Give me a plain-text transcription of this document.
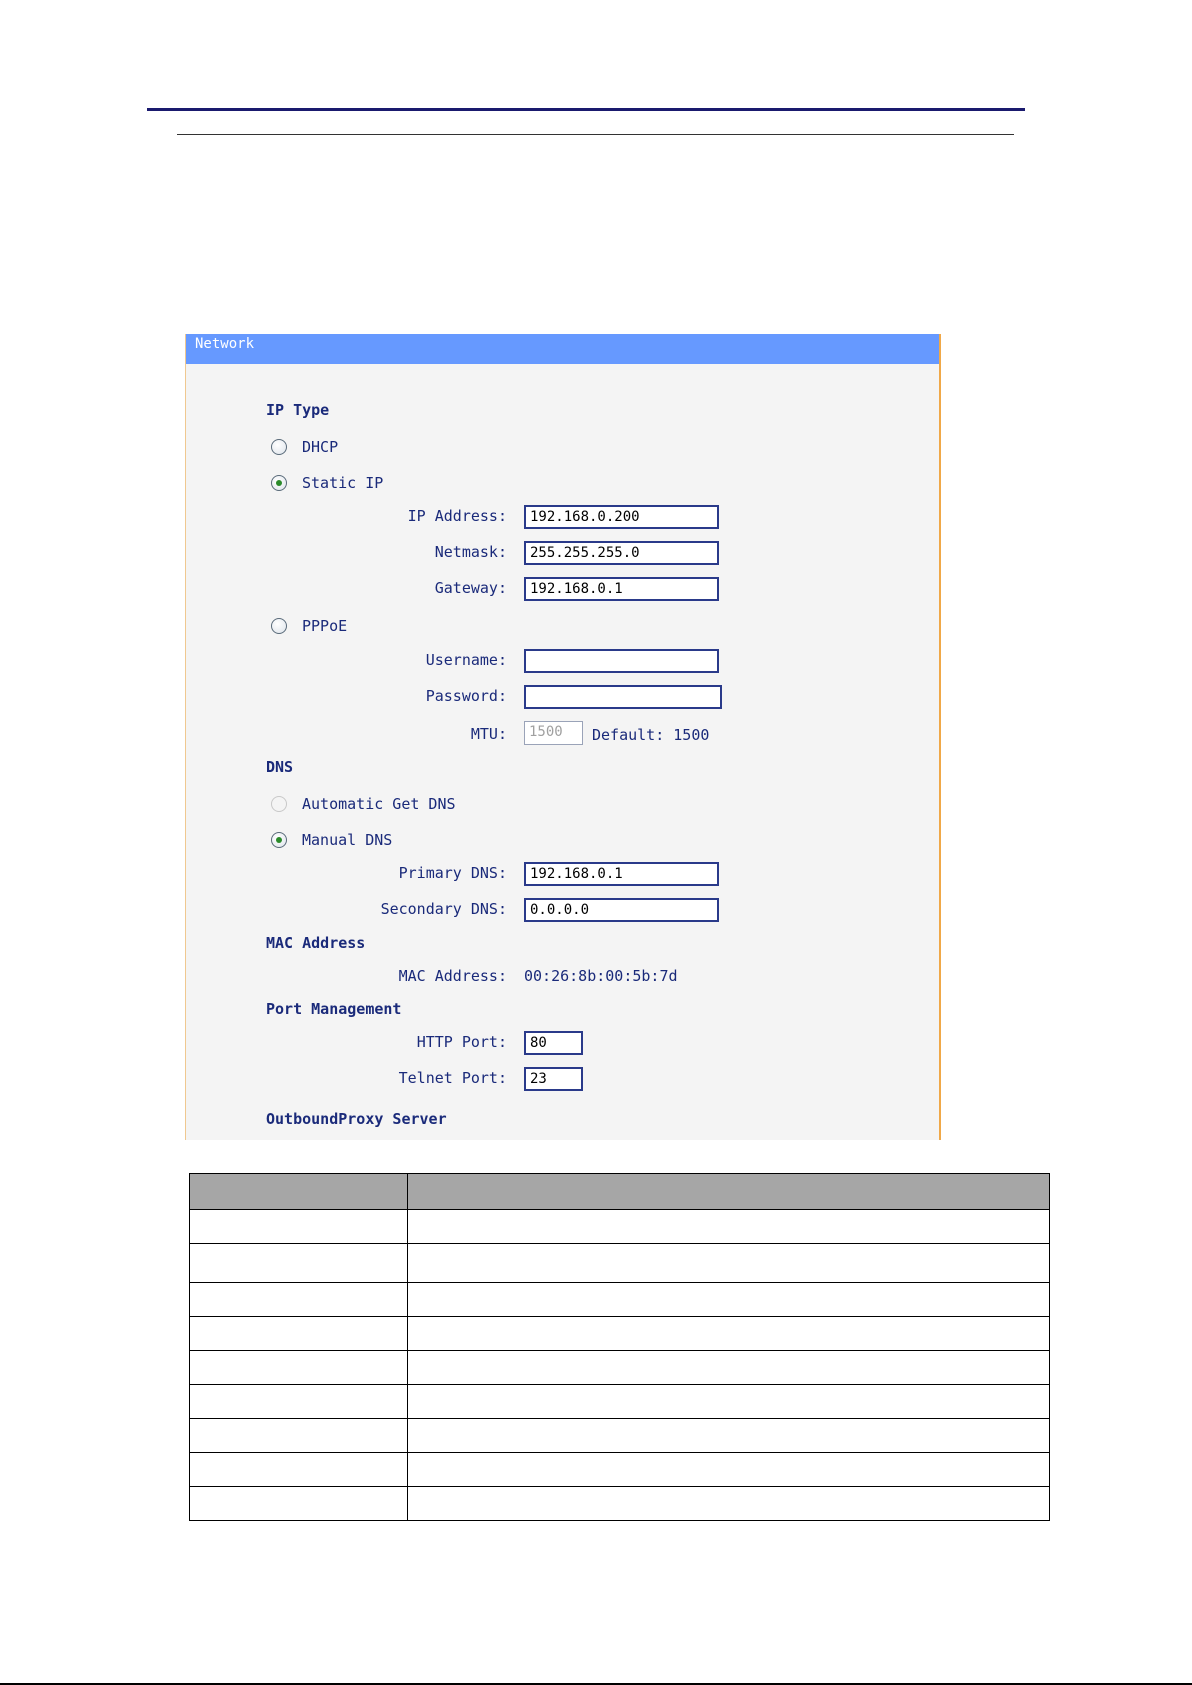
Network
IP Type
DHCP
Static IP
IP Address:	192.168.0.200
Netmask:	255.255.255.0
Gateway:	192.168.0.1
PPPoE
Username:
Password:
MTU:	1500	Default: 1500
DNS
Automatic Get DNS
Manual DNS
Primary DNS:	192.168.0.1
Secondary DNS:	0.0.0.0
MAC Address
MAC Address: 00:26:8b:00:5b:7d
Port Management
HTTP Port:	80
Telnet Port:	23
OutboundProxy Server
